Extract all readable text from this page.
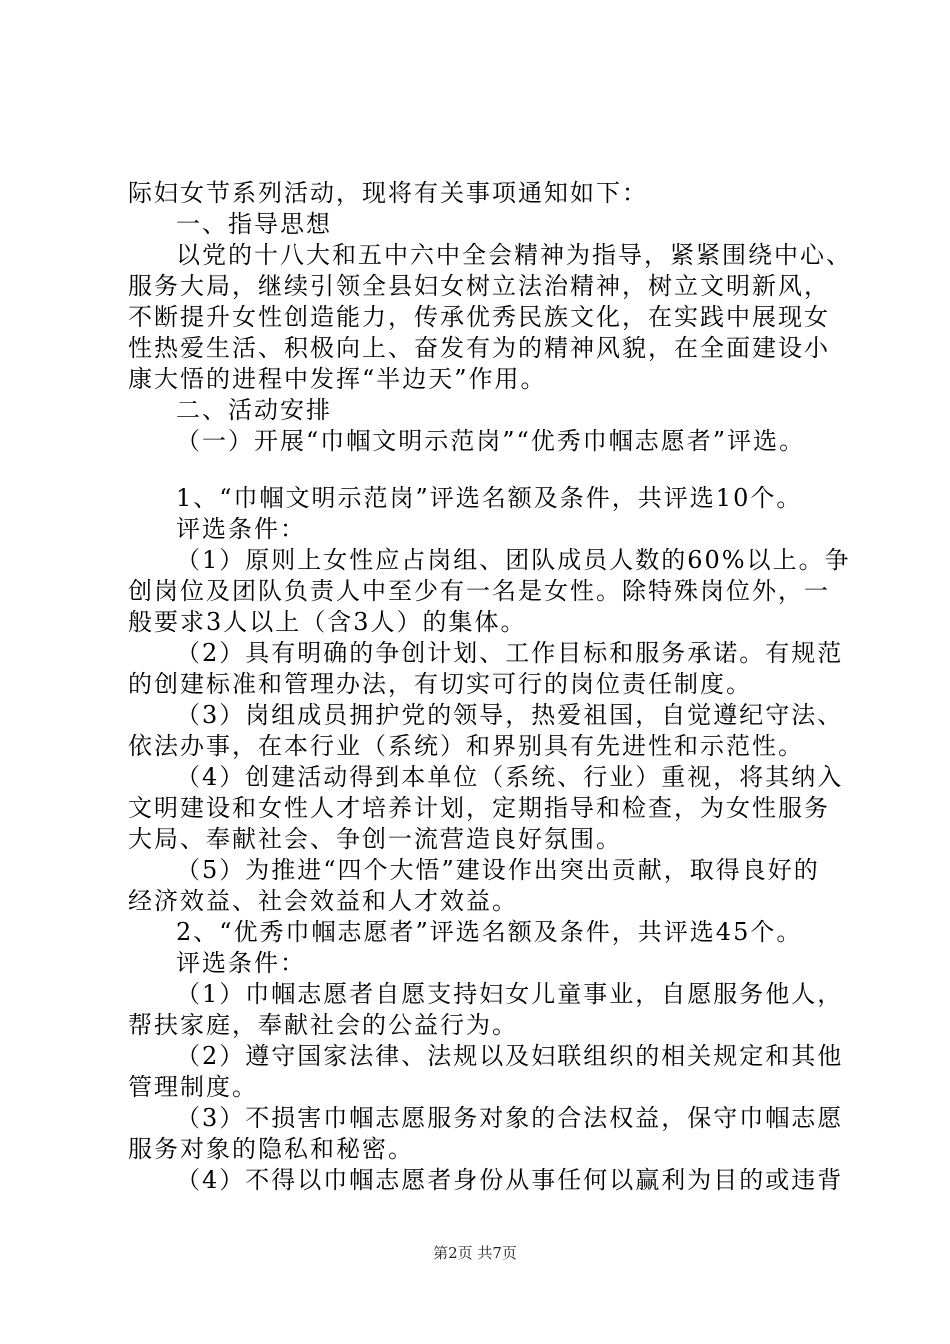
际妇女节系列活动，现将有关事项通知如下：
一、指导思想
以党的十八大和五中六中全会精神为指导，紧紧围绕中心、
服务大局，继续引领全县妇女树立法治精神，树立文明新风，
不断提升女性创造能力，传承优秀民族文化，在实践中展现女
性热爱生活、积极向上、奋发有为的精神风貌，在全面建设小
康大悟的进程中发挥“半边天”作用。
二、活动安排
（一）开展“巾帼文明示范岗”“优秀巾帼志愿者”评选。
1、“巾帼文明示范岗”评选名额及条件，共评选10个。
评选条件：
（1）原则上女性应占岗组、团队成员人数的60%以上。争
创岗位及团队负责人中至少有一名是女性。除特殊岗位外，一
般要求3人以上（含3人）的集体。
（2）具有明确的争创计划、工作目标和服务承诺。有规范
的创建标准和管理办法，有切实可行的岗位责任制度。
（3）岗组成员拥护党的领导，热爱祖国，自觉遵纪守法、
依法办事，在本行业（系统）和界别具有先进性和示范性。
（4）创建活动得到本单位（系统、行业）重视，将其纳入
文明建设和女性人才培养计划，定期指导和检查，为女性服务
大局、奉献社会、争创一流营造良好氛围。
（5）为推进“四个大悟”建设作出突出贡献，取得良好的
经济效益、社会效益和人才效益。
2、“优秀巾帼志愿者”评选名额及条件，共评选45个。
评选条件：
（1）巾帼志愿者自愿支持妇女儿童事业，自愿服务他人，
帮扶家庭，奉献社会的公益行为。
（2）遵守国家法律、法规以及妇联组织的相关规定和其他
管理制度。
（3）不损害巾帼志愿服务对象的合法权益，保守巾帼志愿
服务对象的隐私和秘密。
（4）不得以巾帼志愿者身份从事任何以赢利为目的或违背
第2页 共7页
